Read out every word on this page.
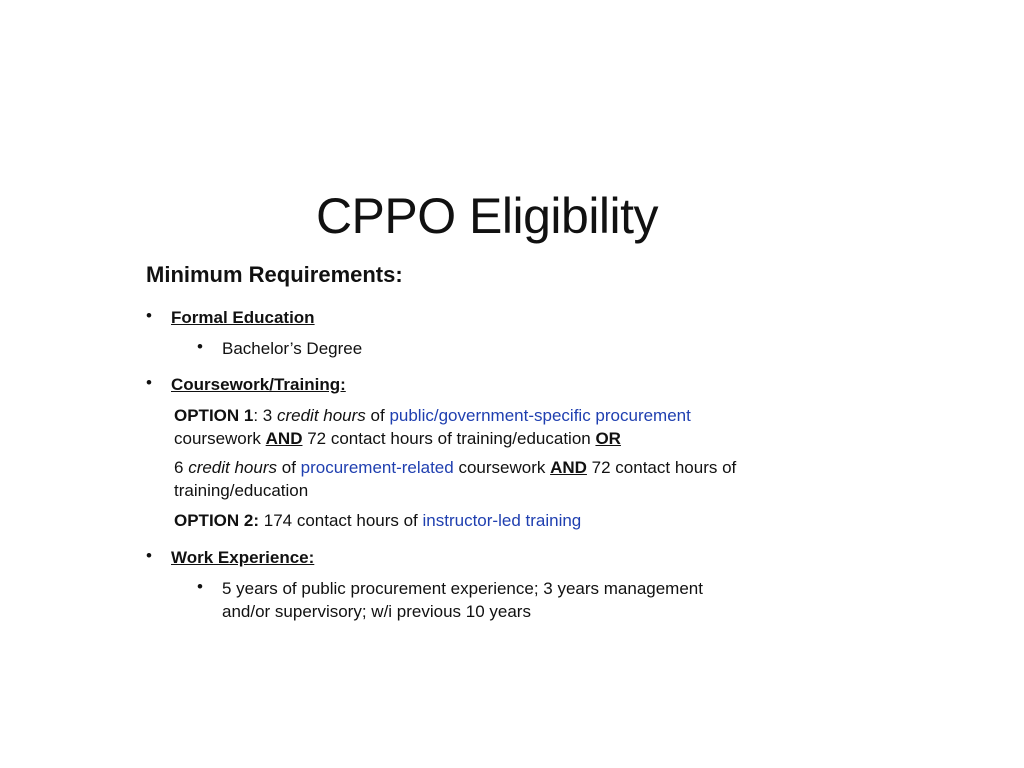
CPPO Eligibility
Minimum Requirements:
• Formal Education
• Bachelor’s Degree
• Coursework/Training:
OPTION 1: 3 credit hours of public/government-specific procurement
coursework AND 72 contact hours of training/education OR
6 credit hours of procurement-related coursework AND 72 contact hours of
training/education
OPTION 2: 174 contact hours of instructor-led training
• Work Experience:
• 5 years of public procurement experience; 3 years management
and/or supervisory; w/i previous 10 years
